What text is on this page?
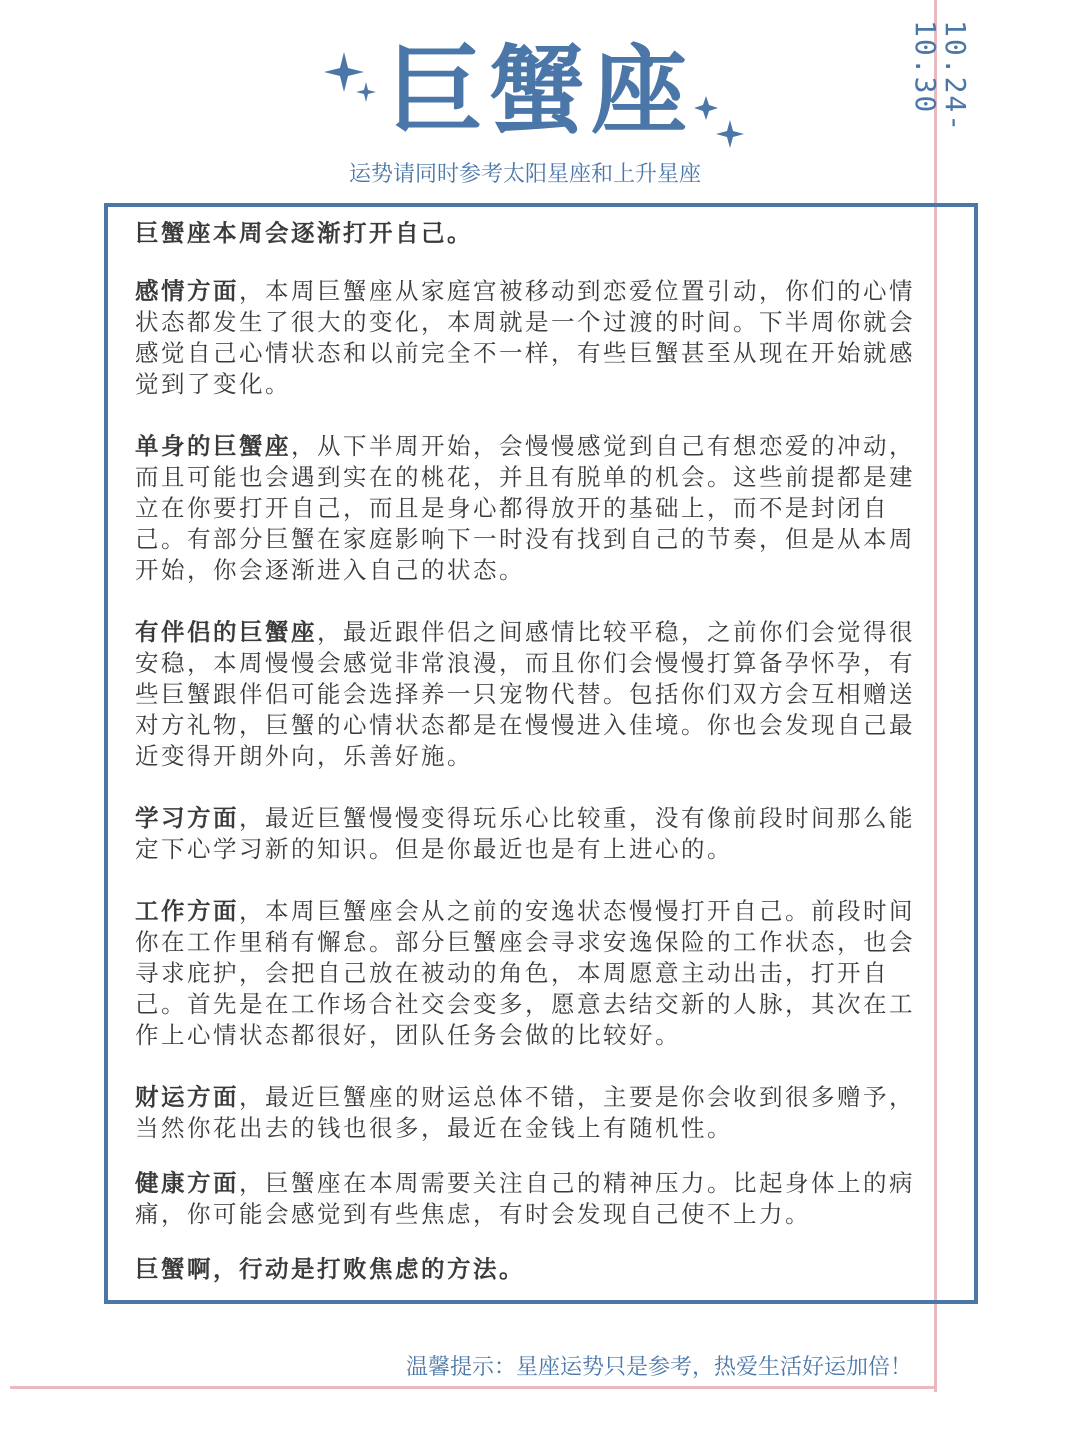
巨蟹座
运势请同时参考太阳星座和上升星座
10.24-10.30

巨蟹座本周会逐渐打开自己。

感情方面，本周巨蟹座从家庭宫被移动到恋爱位置引动，你们的心情状态都发生了很大的变化，本周就是一个过渡的时间。下半周你就会感觉自己心情状态和以前完全不一样，有些巨蟹甚至从现在开始就感觉到了变化。

单身的巨蟹座，从下半周开始，会慢慢感觉到自己有想恋爱的冲动，而且可能也会遇到实在的桃花，并且有脱单的机会。这些前提都是建立在你要打开自己，而且是身心都得放开的基础上，而不是封闭自己。有部分巨蟹在家庭影响下一时没有找到自己的节奏，但是从本周开始，你会逐渐进入自己的状态。

有伴侣的巨蟹座，最近跟伴侣之间感情比较平稳，之前你们会觉得很安稳，本周慢慢会感觉非常浪漫，而且你们会慢慢打算备孕怀孕，有些巨蟹跟伴侣可能会选择养一只宠物代替。包括你们双方会互相赠送对方礼物，巨蟹的心情状态都是在慢慢进入佳境。你也会发现自己最近变得开朗外向，乐善好施。

学习方面，最近巨蟹慢慢变得玩乐心比较重，没有像前段时间那么能定下心学习新的知识。但是你最近也是有上进心的。

工作方面，本周巨蟹座会从之前的安逸状态慢慢打开自己。前段时间你在工作里稍有懈怠。部分巨蟹座会寻求安逸保险的工作状态，也会寻求庇护，会把自己放在被动的角色，本周愿意主动出击，打开自己。首先是在工作场合社交会变多，愿意去结交新的人脉，其次在工作上心情状态都很好，团队任务会做的比较好。

财运方面，最近巨蟹座的财运总体不错，主要是你会收到很多赠予，当然你花出去的钱也很多，最近在金钱上有随机性。

健康方面，巨蟹座在本周需要关注自己的精神压力。比起身体上的病痛，你可能会感觉到有些焦虑，有时会发现自己使不上力。

巨蟹啊，行动是打败焦虑的方法。

温馨提示：星座运势只是参考，热爱生活好运加倍！
